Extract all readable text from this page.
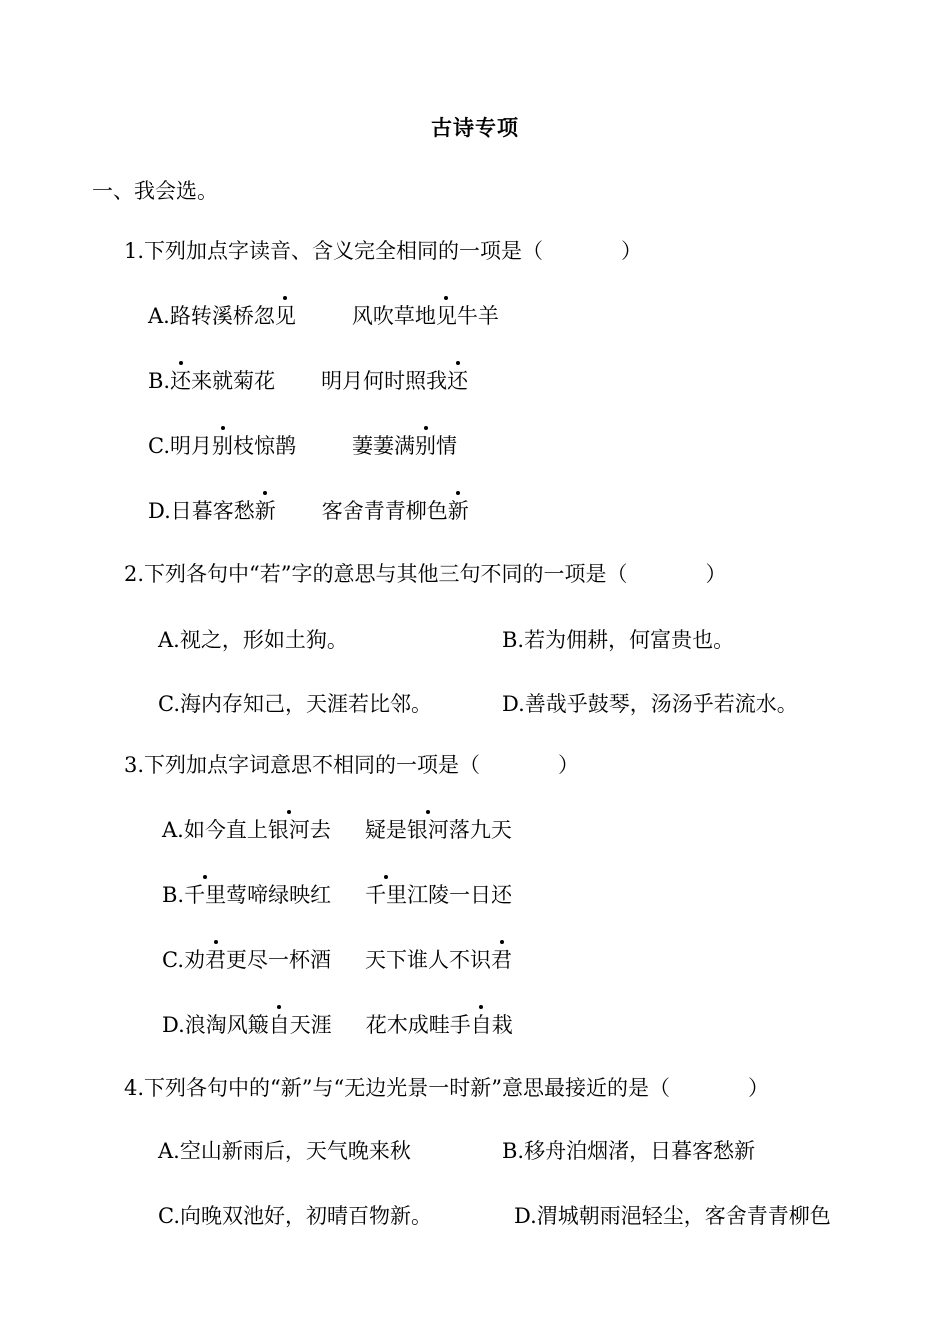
古诗专项
一、我会选。
1.下列加点字读音、含义完全相同的一项是（	）
A.路转溪桥忽见	风吹草地见牛羊
B.还来就菊花 明月何时照我还
C.明月别枝惊鹊	萋萋满别情
D.日暮客愁新 客舍青青柳色新
2.下列各句中“若”字的意思与其他三句不同的一项是（	）
A.视之，形如土狗。	B.若为佣耕，何富贵也。
C.海内存知己，天涯若比邻。	D.善哉乎鼓琴，汤汤乎若流水。
3.下列加点字词意思不相同的一项是（	）
A.如今直上银河去 疑是银河落九天
B.千里莺啼绿映红 千里江陵一日还
C.劝君更尽一杯酒 天下谁人不识君
D.浪淘风簸自天涯 花木成畦手自栽
4.下列各句中的“新”与“无边光景一时新”意思最接近的是（	）
A.空山新雨后，天气晚来秋	B.移舟泊烟渚，日暮客愁新
C.向晚双池好，初晴百物新。	D.渭城朝雨浥轻尘，客舍青青柳色
